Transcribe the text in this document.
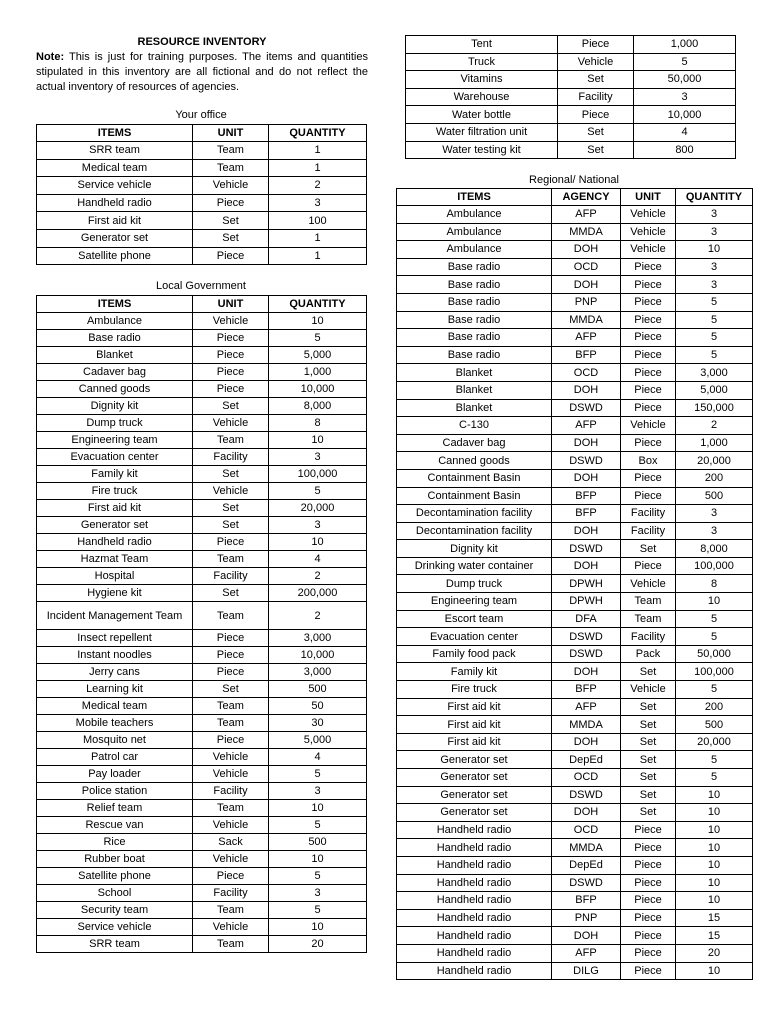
RESOURCE INVENTORY
Note: This is just for training purposes. The items and quantities stipulated in this inventory are all fictional and do not reflect the actual inventory of resources of agencies.
Your office
ITEMS	UNIT	QUANTITY
SRR team	Team	1
Medical team	Team	1
Service vehicle	Vehicle	2
Handheld radio	Piece	3
First aid kit	Set	100
Generator set	Set	1
Satellite phone	Piece	1
Local Government
ITEMS	UNIT	QUANTITY
Ambulance	Vehicle	10
Base radio	Piece	5
Blanket	Piece	5,000
Cadaver bag	Piece	1,000
Canned goods	Piece	10,000
Dignity kit	Set	8,000
Dump truck	Vehicle	8
Engineering team	Team	10
Evacuation center	Facility	3
Family kit	Set	100,000
Fire truck	Vehicle	5
First aid kit	Set	20,000
Generator set	Set	3
Handheld radio	Piece	10
Hazmat Team	Team	4
Hospital	Facility	2
Hygiene kit	Set	200,000
Incident Management Team	Team	2
Insect repellent	Piece	3,000
Instant noodles	Piece	10,000
Jerry cans	Piece	3,000
Learning kit	Set	500
Medical team	Team	50
Mobile teachers	Team	30
Mosquito net	Piece	5,000
Patrol car	Vehicle	4
Pay loader	Vehicle	5
Police station	Facility	3
Relief team	Team	10
Rescue van	Vehicle	5
Rice	Sack	500
Rubber boat	Vehicle	10
Satellite phone	Piece	5
School	Facility	3
Security team	Team	5
Service vehicle	Vehicle	10
SRR team	Team	20
Tent	Piece	1,000
Truck	Vehicle	5
Vitamins	Set	50,000
Warehouse	Facility	3
Water bottle	Piece	10,000
Water filtration unit	Set	4
Water testing kit	Set	800
Regional/ National
ITEMS	AGENCY	UNIT	QUANTITY
Ambulance	AFP	Vehicle	3
Ambulance	MMDA	Vehicle	3
Ambulance	DOH	Vehicle	10
Base radio	OCD	Piece	3
Base radio	DOH	Piece	3
Base radio	PNP	Piece	5
Base radio	MMDA	Piece	5
Base radio	AFP	Piece	5
Base radio	BFP	Piece	5
Blanket	OCD	Piece	3,000
Blanket	DOH	Piece	5,000
Blanket	DSWD	Piece	150,000
C-130	AFP	Vehicle	2
Cadaver bag	DOH	Piece	1,000
Canned goods	DSWD	Box	20,000
Containment Basin	DOH	Piece	200
Containment Basin	BFP	Piece	500
Decontamination facility	BFP	Facility	3
Decontamination facility	DOH	Facility	3
Dignity kit	DSWD	Set	8,000
Drinking water container	DOH	Piece	100,000
Dump truck	DPWH	Vehicle	8
Engineering team	DPWH	Team	10
Escort team	DFA	Team	5
Evacuation center	DSWD	Facility	5
Family food pack	DSWD	Pack	50,000
Family kit	DOH	Set	100,000
Fire truck	BFP	Vehicle	5
First aid kit	AFP	Set	200
First aid kit	MMDA	Set	500
First aid kit	DOH	Set	20,000
Generator set	DepEd	Set	5
Generator set	OCD	Set	5
Generator set	DSWD	Set	10
Generator set	DOH	Set	10
Handheld radio	OCD	Piece	10
Handheld radio	MMDA	Piece	10
Handheld radio	DepEd	Piece	10
Handheld radio	DSWD	Piece	10
Handheld radio	BFP	Piece	10
Handheld radio	PNP	Piece	15
Handheld radio	DOH	Piece	15
Handheld radio	AFP	Piece	20
Handheld radio	DILG	Piece	10
